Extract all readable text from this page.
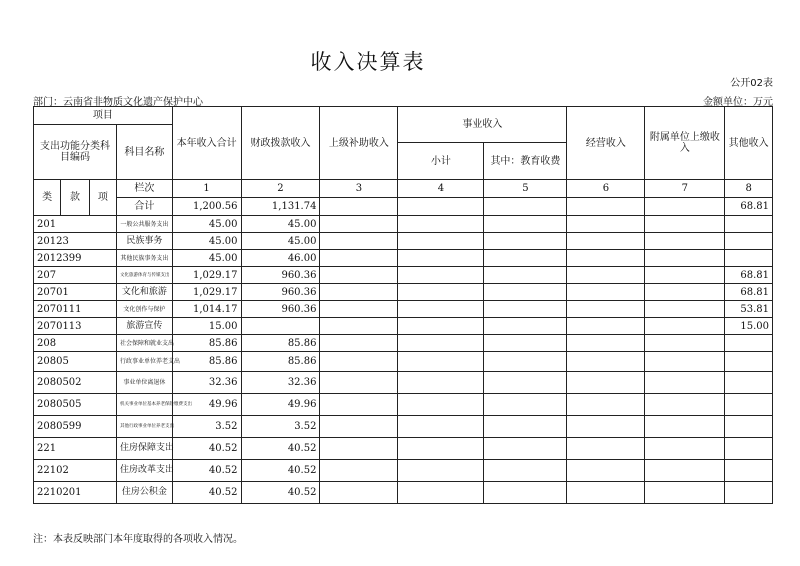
收入决算表
公开02表
部门：云南省非物质文化遗产保护中心	金额单位：万元
项目				本年收入合计	财政拨款收入	上级补助收入	事业收入		经营收入	附属单位上缴收入	其他收入
支出功能分类科目编码			科目名称								
							小计	其中：教育收费			
类	款	项	栏次	1	2	3	4	5	6	7	8
			合计	1,200.56	1,131.74						68.81
201			一般公共服务支出	45.00	45.00						
20123			民族事务	45.00	45.00						
2012399			其他民族事务支出	45.00	46.00						
207			文化旅游体育与传媒支出	1,029.17	960.36						68.81
20701			文化和旅游	1,029.17	960.36						68.81
2070111			文化创作与保护	1,014.17	960.36						53.81
2070113			旅游宣传	15.00							15.00
208			社会保障和就业支出	85.86	85.86						
20805			行政事业单位养老支出	85.86	85.86						
2080502			事业单位离退休	32.36	32.36						
2080505			机关事业单位基本养老保险缴费支出	49.96	49.96						
2080599			其他行政事业单位养老支出	3.52	3.52						
221			住房保障支出	40.52	40.52						
22102			住房改革支出	40.52	40.52						
2210201			住房公积金	40.52	40.52						
注：本表反映部门本年度取得的各项收入情况。
